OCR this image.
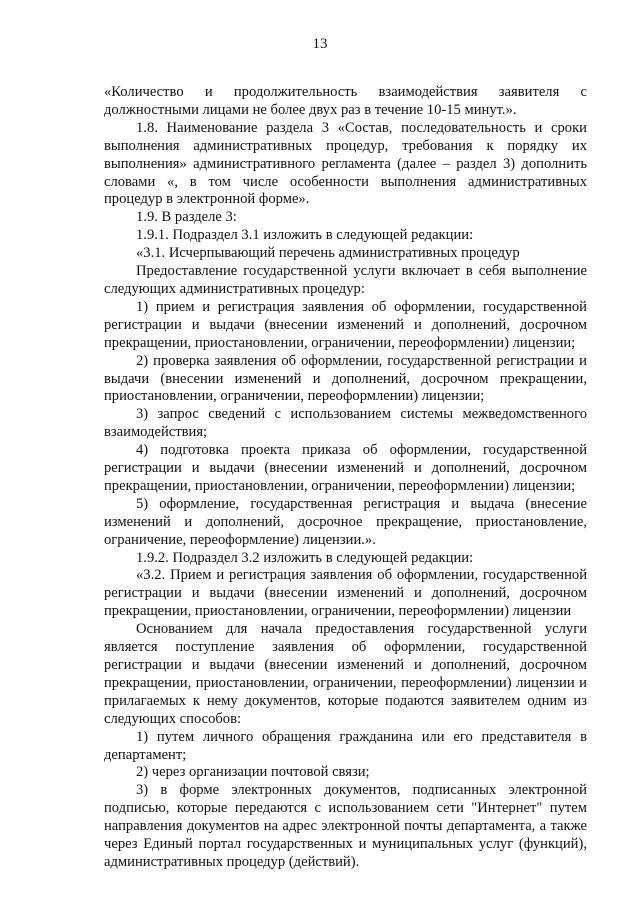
13

«Количество и продолжительность взаимодействия заявителя с должностными лицами не более двух раз в течение 10-15 минут.».

1.8. Наименование раздела 3 «Состав, последовательность и сроки выполнения административных процедур, требования к порядку их выполнения» административного регламента (далее – раздел 3) дополнить словами «, в том числе особенности выполнения административных процедур в электронной форме».

1.9. В разделе 3:

1.9.1. Подраздел 3.1 изложить в следующей редакции:

«3.1. Исчерпывающий перечень административных процедур

Предоставление государственной услуги включает в себя выполнение следующих административных процедур:

1) прием и регистрация заявления об оформлении, государственной регистрации и выдачи (внесении изменений и дополнений, досрочном прекращении, приостановлении, ограничении, переоформлении) лицензии;

2) проверка заявления об оформлении, государственной регистрации и выдачи (внесении изменений и дополнений, досрочном прекращении, приостановлении, ограничении, переоформлении) лицензии;

3) запрос сведений с использованием системы межведомственного взаимодействия;

4) подготовка проекта приказа об оформлении, государственной регистрации и выдачи (внесении изменений и дополнений, досрочном прекращении, приостановлении, ограничении, переоформлении) лицензии;

5) оформление, государственная регистрация и выдача (внесение изменений и дополнений, досрочное прекращение, приостановление, ограничение, переоформление) лицензии.».

1.9.2. Подраздел 3.2 изложить в следующей редакции:

«3.2. Прием и регистрация заявления об оформлении, государственной регистрации и выдачи (внесении изменений и дополнений, досрочном прекращении, приостановлении, ограничении, переоформлении) лицензии

Основанием для начала предоставления государственной услуги является поступление заявления об оформлении, государственной регистрации и выдачи (внесении изменений и дополнений, досрочном прекращении, приостановлении, ограничении, переоформлении) лицензии и прилагаемых к нему документов, которые подаются заявителем одним из следующих способов:

1) путем личного обращения гражданина или его представителя в департамент;

2) через организации почтовой связи;

3) в форме электронных документов, подписанных электронной подписью, которые передаются с использованием сети "Интернет" путем направления документов на адрес электронной почты департамента, а также через Единый портал государственных и муниципальных услуг (функций), административных процедур (действий).
